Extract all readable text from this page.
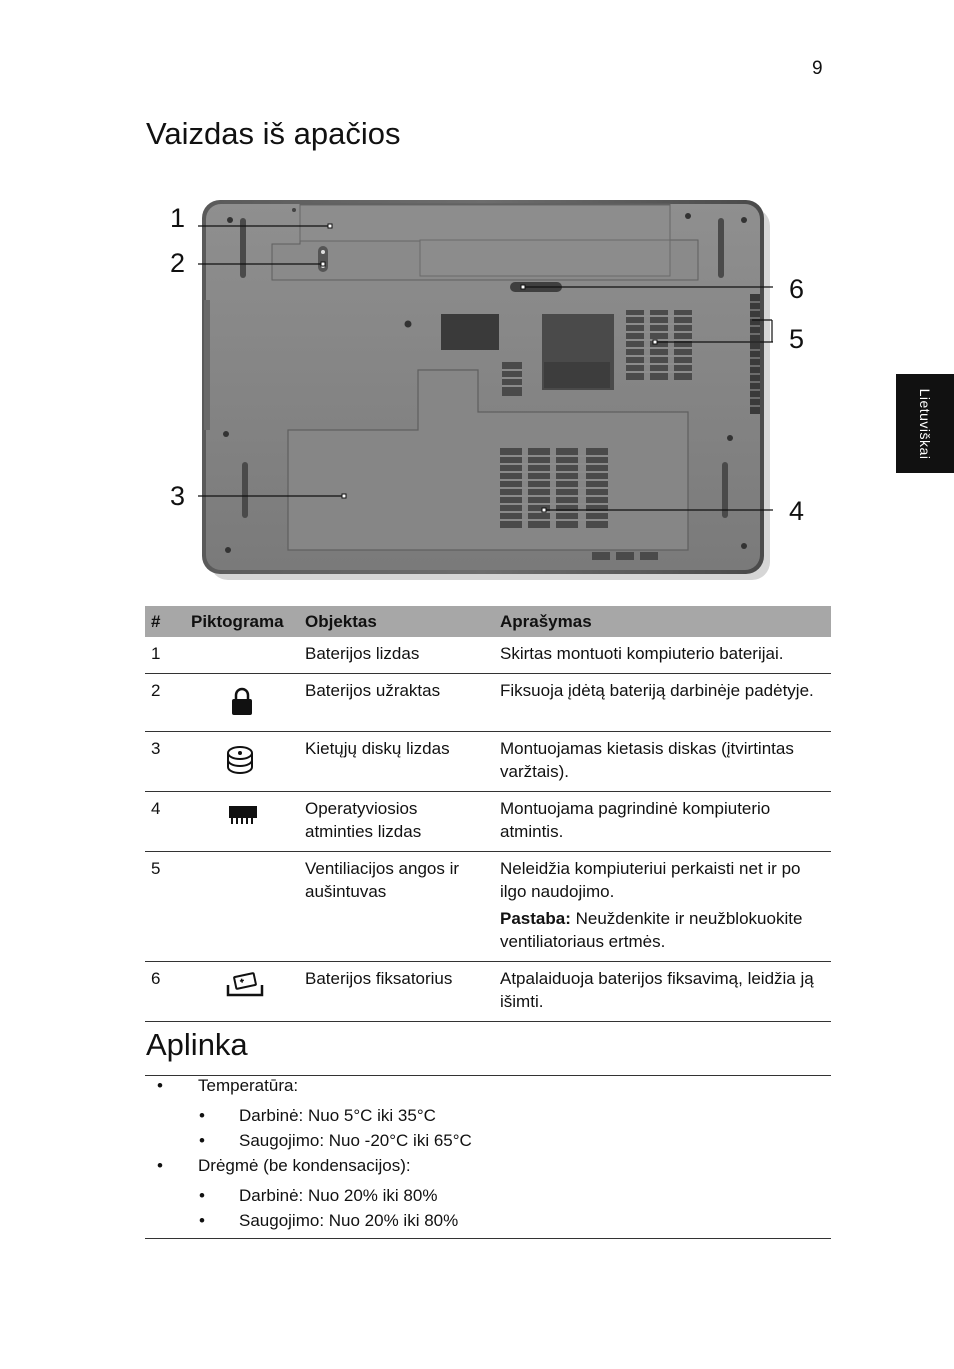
9
Lietuviškai
Vaizdas iš apačios
1
2
3	4
5
6
#	Piktograma	Objektas	Aprašymas
1		Baterijos lizdas	Skirtas montuoti kompiuterio baterijai.
2		Baterijos užraktas	Fiksuoja įdėtą bateriją darbinėje padėtyje.
3		Kietųjų diskų lizdas	Montuojamas kietasis diskas (įtvirtintas varžtais).
4		Operatyviosios atminties lizdas	Montuojama pagrindinė kompiuterio atmintis.
5		Ventiliacijos angos ir aušintuvas	Neleidžia kompiuteriui perkaisti net ir po ilgo naudojimo.
Pastaba: Neuždenkite ir neužblokuokite ventiliatoriaus ertmės.

6		Baterijos fiksatorius	Atpalaiduoja baterijos fiksavimą, leidžia ją išimti.
Aplinka
• Temperatūra:
• Darbinė: Nuo 5°C iki 35°C
• Saugojimo: Nuo -20°C iki 65°C
• Drėgmė (be kondensacijos):
• Darbinė: Nuo 20% iki 80%
• Saugojimo: Nuo 20% iki 80%
